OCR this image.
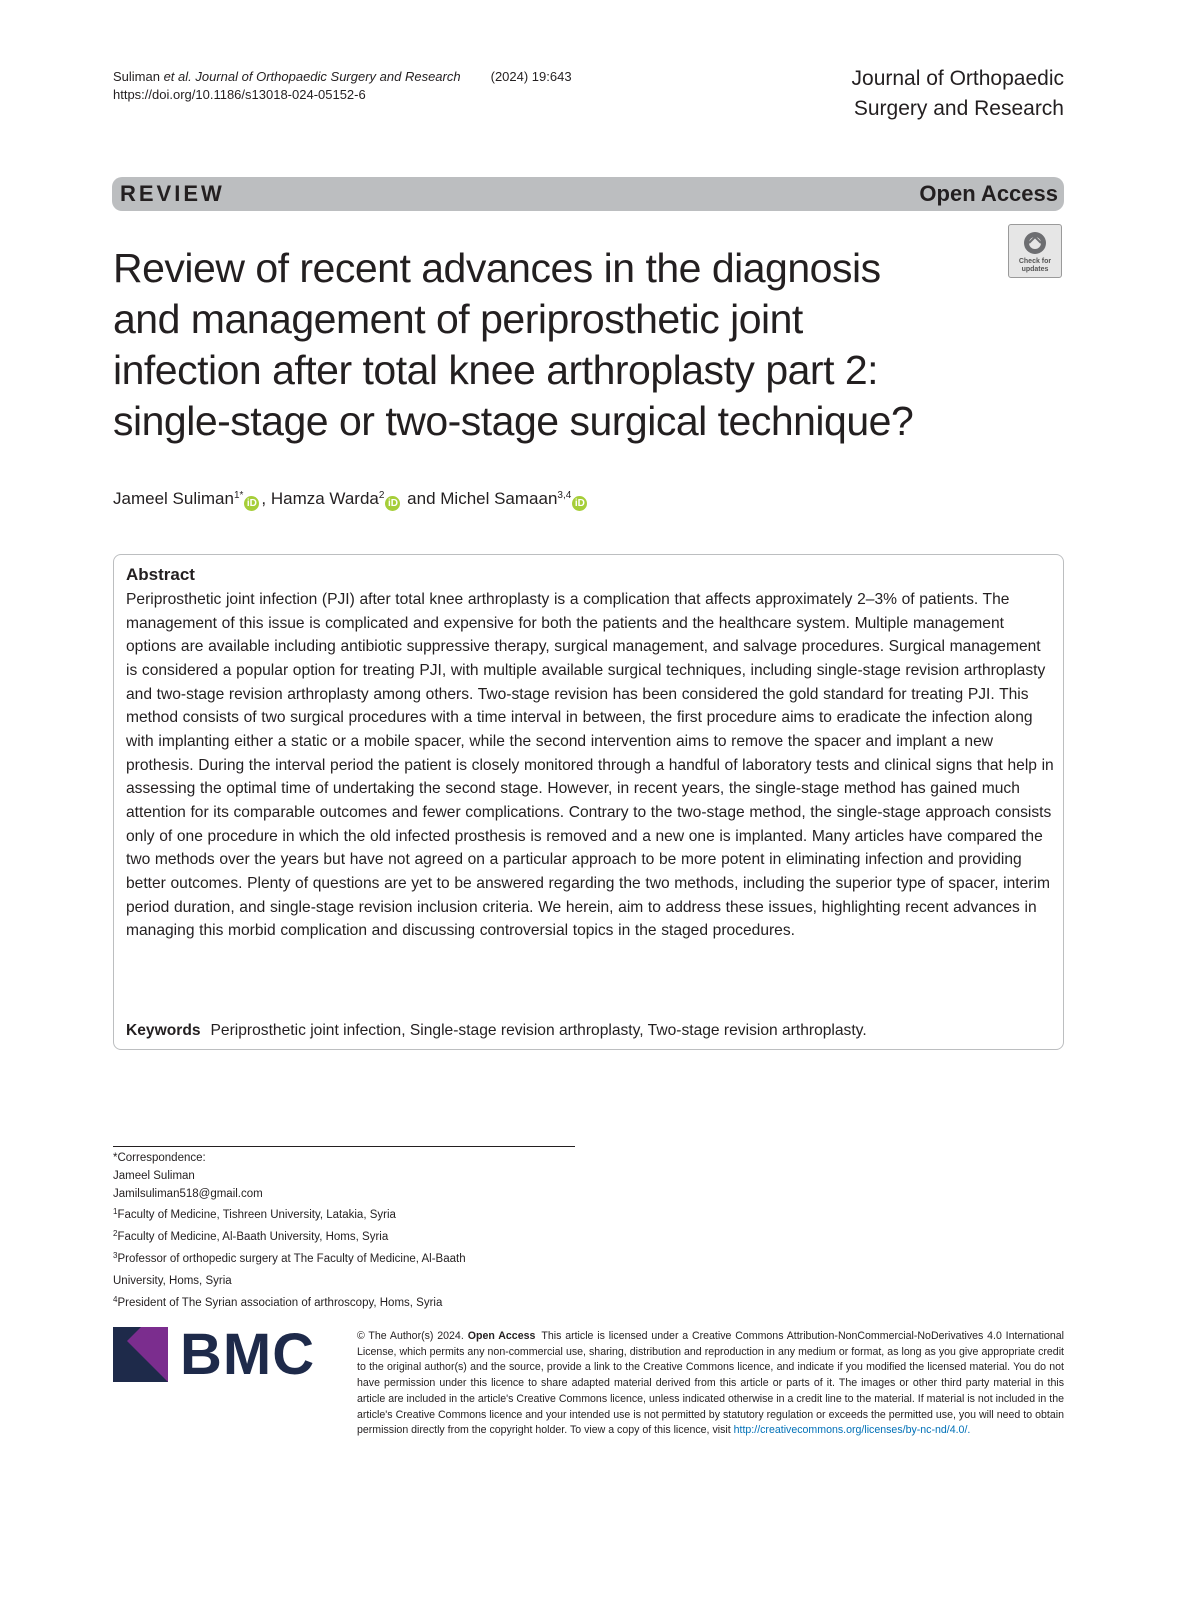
Suliman et al. Journal of Orthopaedic Surgery and Research (2024) 19:643
https://doi.org/10.1186/s13018-024-05152-6
Journal of Orthopaedic
Surgery and Research
REVIEW	Open Access
Check for updates
Review of recent advances in the diagnosis
and management of periprosthetic joint
infection after total knee arthroplasty part 2:
single-stage or two-stage surgical technique?
Jameel Suliman$^{1*}$iD , Hamza Warda$^2$iD and Michel Samaan$^{3,4}$iD
Abstract
Periprosthetic joint infection (PJI) after total knee arthroplasty is a complication that affects approximately 2–3% of patients. The management of this issue is complicated and expensive for both the patients and the healthcare system. Multiple management options are available including antibiotic suppressive therapy, surgical management, and salvage procedures. Surgical management is considered a popular option for treating PJI, with multiple available surgical techniques, including single-stage revision arthroplasty and two-stage revision arthroplasty among others. Two-stage revision has been considered the gold standard for treating PJI. This method consists of two surgical procedures with a time interval in between, the first procedure aims to eradicate the infection along with implanting either a static or a mobile spacer, while the second intervention aims to remove the spacer and implant a new prothesis. During the interval period the patient is closely monitored through a handful of laboratory tests and clinical signs that help in assessing the optimal time of undertaking the second stage. However, in recent years, the single-stage method has gained much attention for its comparable outcomes and fewer complications. Contrary to the two-stage method, the single-stage approach consists only of one procedure in which the old infected prosthesis is removed and a new one is implanted. Many articles have compared the two methods over the years but have not agreed on a particular approach to be more potent in eliminating infection and providing better outcomes. Plenty of questions are yet to be answered regarding the two methods, including the superior type of spacer, interim period duration, and single-stage revision inclusion criteria. We herein, aim to address these issues, highlighting recent advances in managing this morbid complication and discussing controversial topics in the staged procedures.
Keywords Periprosthetic joint infection, Single-stage revision arthroplasty, Two-stage revision arthroplasty.
*Correspondence:
Jameel Suliman
Jamilsuliman518@gmail.com
$^1$Faculty of Medicine, Tishreen University, Latakia, Syria
$^2$Faculty of Medicine, Al-Baath University, Homs, Syria
$^3$Professor of orthopedic surgery at The Faculty of Medicine, Al-Baath
University, Homs, Syria
$^4$President of The Syrian association of arthroscopy, Homs, Syria
BMC	© The Author(s) 2024. Open Access This article is licensed under a Creative Commons Attribution-NonCommercial-NoDerivatives 4.0 International License, which permits any non-commercial use, sharing, distribution and reproduction in any medium or format, as long as you give appropriate credit to the original author(s) and the source, provide a link to the Creative Commons licence, and indicate if you modified the licensed material. You do not have permission under this licence to share adapted material derived from this article or parts of it. The images or other third party material in this article are included in the article's Creative Commons licence, unless indicated otherwise in a credit line to the material. If material is not included in the article's Creative Commons licence and your intended use is not permitted by statutory regulation or exceeds the permitted use, you will need to obtain permission directly from the copyright holder. To view a copy of this licence, visit http://creativecommons.org/licenses/by-nc-nd/4.0/.
